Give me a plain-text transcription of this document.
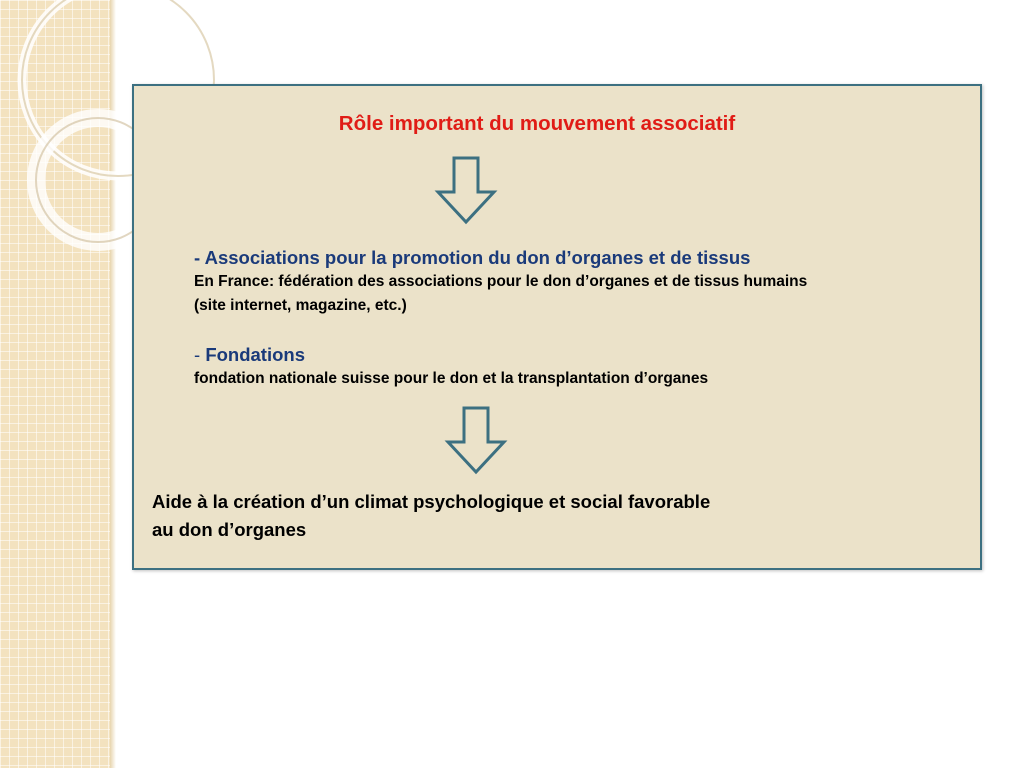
Rôle important du mouvement associatif
- Associations pour la promotion du don d’organes et de tissus
En France: fédération des associations pour le don d’organes et de tissus humains
(site internet, magazine, etc.)
- Fondations
fondation nationale suisse pour le don et la transplantation d’organes
Aide à la création d’un climat psychologique et social favorable
au don d’organes
